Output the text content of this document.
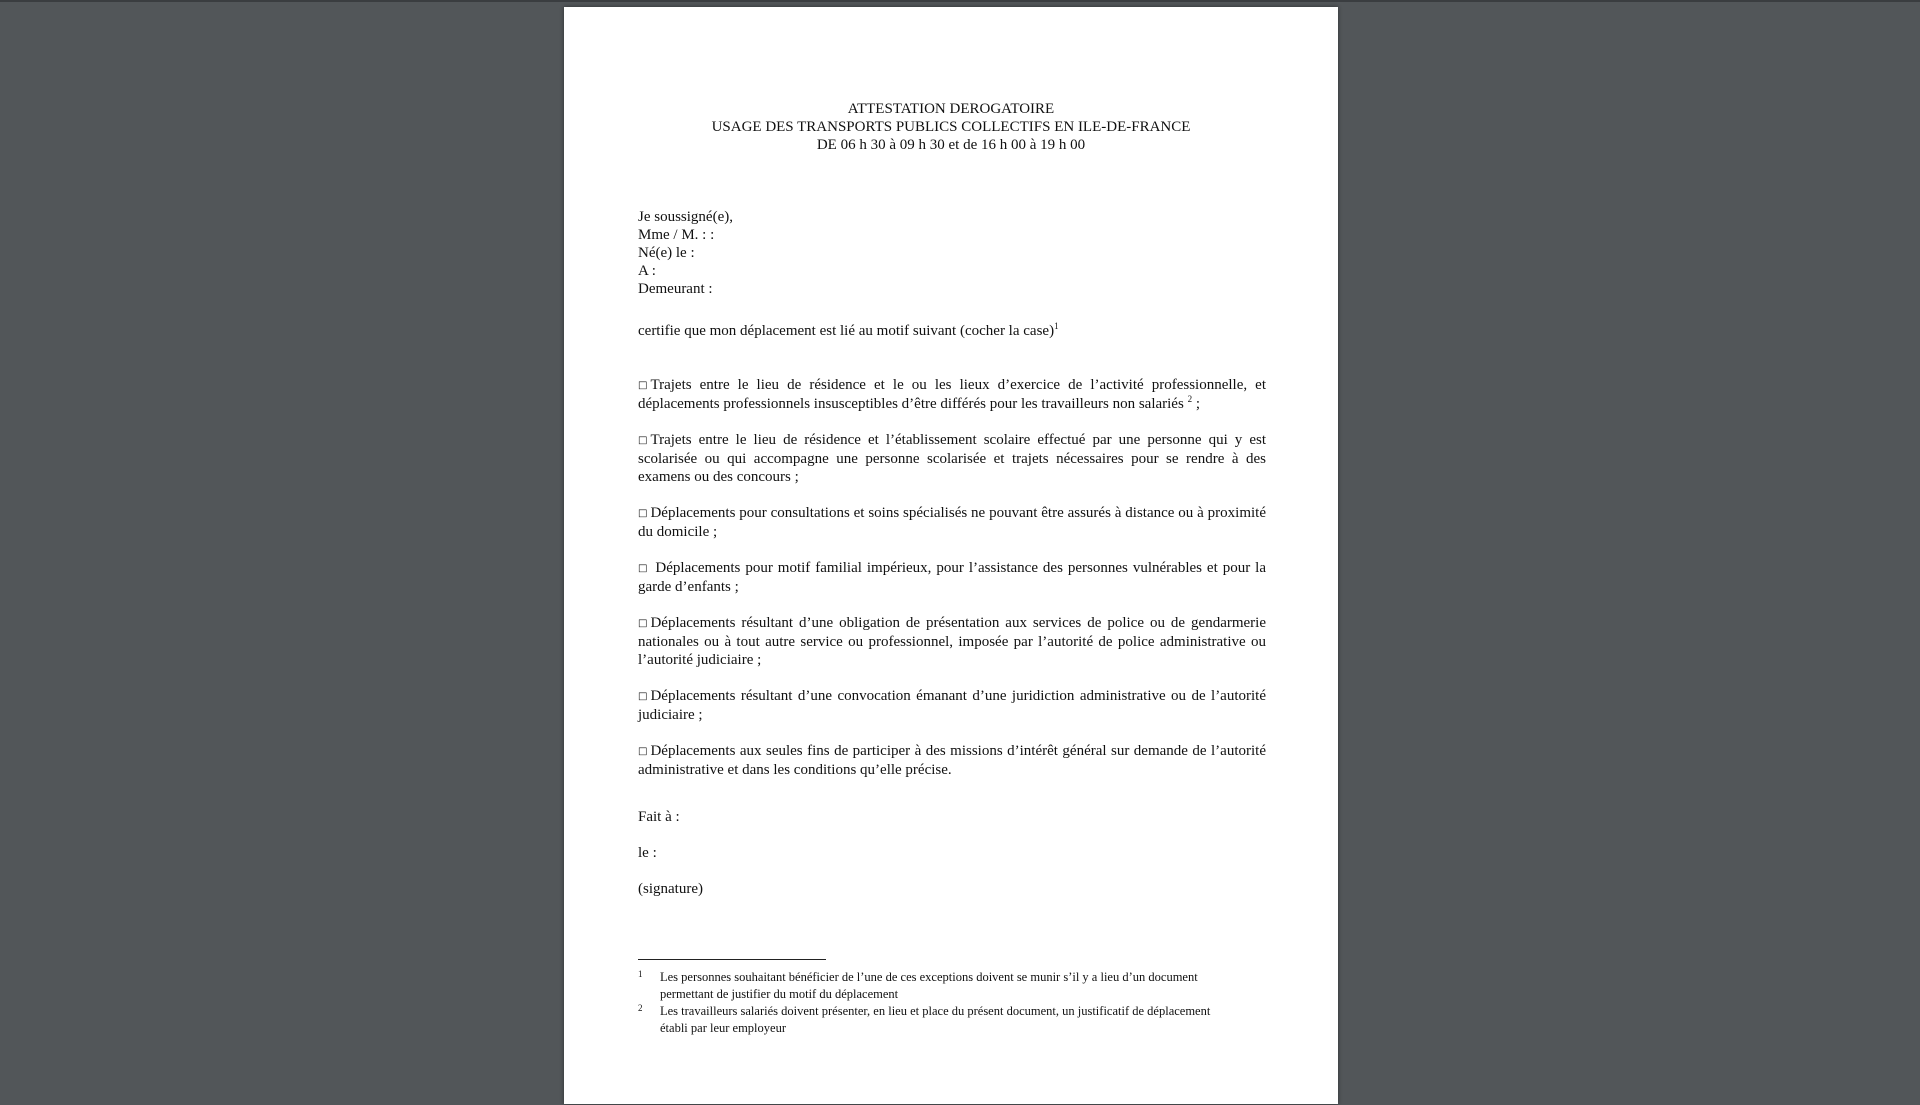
ATTESTATION DEROGATOIRE
USAGE DES TRANSPORTS PUBLICS COLLECTIFS EN ILE-DE-FRANCE
DE 06 h 30 à 09 h 30 et de 16 h 00 à 19 h 00
Je soussigné(e),
Mme / M. : :
Né(e) le :
A :
Demeurant :
certifie que mon déplacement est lié au motif suivant (cocher la case)$^1$
□ Trajets entre le lieu de résidence et le ou les lieux d’exercice de l’activité professionnelle, et déplacements professionnels insusceptibles d’être différés pour les travailleurs non salariés $^2$ ;
□ Trajets entre le lieu de résidence et l’établissement scolaire effectué par une personne qui y est scolarisée ou qui accompagne une personne scolarisée et trajets nécessaires pour se rendre à des examens ou des concours ;
□ Déplacements pour consultations et soins spécialisés ne pouvant être assurés à distance ou à proximité du domicile ;
□ Déplacements pour motif familial impérieux, pour l’assistance des personnes vulnérables et pour la garde d’enfants ;
□ Déplacements résultant d’une obligation de présentation aux services de police ou de gendarmerie nationales ou à tout autre service ou professionnel, imposée par l’autorité de police administrative ou l’autorité judiciaire ;
□ Déplacements résultant d’une convocation émanant d’une juridiction administrative ou de l’autorité judiciaire ;
□ Déplacements aux seules fins de participer à des missions d’intérêt général sur demande de l’autorité administrative et dans les conditions qu’elle précise.
Fait à :
le :
(signature)
1 Les personnes souhaitant bénéficier de l’une de ces exceptions doivent se munir s’il y a lieu d’un document permettant de justifier du motif du déplacement
2 Les travailleurs salariés doivent présenter, en lieu et place du présent document, un justificatif de déplacement établi par leur employeur
